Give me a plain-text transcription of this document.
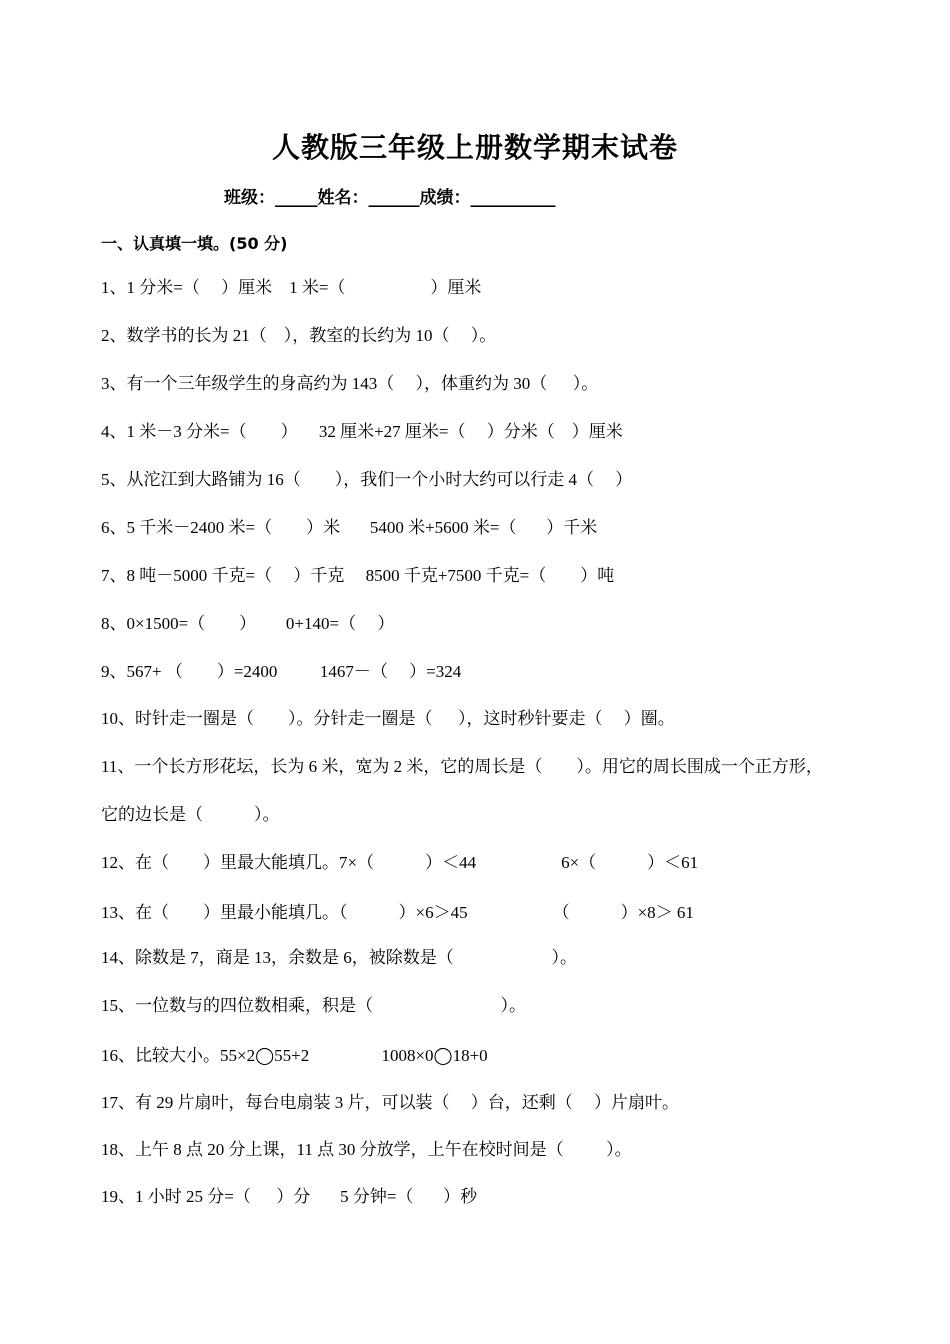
人教版三年级上册数学期末试卷
班级：_____姓名：______成绩：__________
一、认真填一填。(50 分)
1、1 分米=（     ）厘米    1 米=（                    ）厘米
2、数学书的长为 21（    ），教室的长约为 10（     ）。
3、有一个三年级学生的身高约为 143（     ），体重约为 30（      ）。
4、1 米－3 分米=（        ）     32 厘米+27 厘米=（     ）分米（    ）厘米
5、从沱江到大路铺为 16（        ），我们一个小时大约可以行走 4（     ）
6、5 千米－2400 米=（        ）米       5400 米+5600 米=（       ）千米
7、8 吨－5000 千克=（     ）千克     8500 千克+7500 千克=（        ）吨
8、0×1500=（        ）       0+140=（     ）
9、567+ （        ）=2400          1467－（     ）=324
10、时针走一圈是（        ）。分针走一圈是（      ），这时秒针要走（     ）圈。
11、一个长方形花坛，长为 6 米，宽为 2 米，它的周长是（        ）。用它的周长围成一个正方形，
它的边长是（            ）。
12、在（        ）里最大能填几。7×（            ）＜44                    6×（            ）＜61
13、在（        ）里最小能填几。（            ）×6＞45                    （            ）×8＞ 61
14、除数是 7，商是 13，余数是 6，被除数是（                       ）。
15、一位数与的四位数相乘，积是（                              ）。
16、比较大小。55×2◯55+2                 1008×0◯18+0
17、有 29 片扇叶，每台电扇装 3 片，可以装（     ）台，还剩（     ）片扇叶。
18、上午 8 点 20 分上课，11 点 30 分放学，上午在校时间是（          ）。
19、1 小时 25 分=（      ）分       5 分钟=（       ）秒
